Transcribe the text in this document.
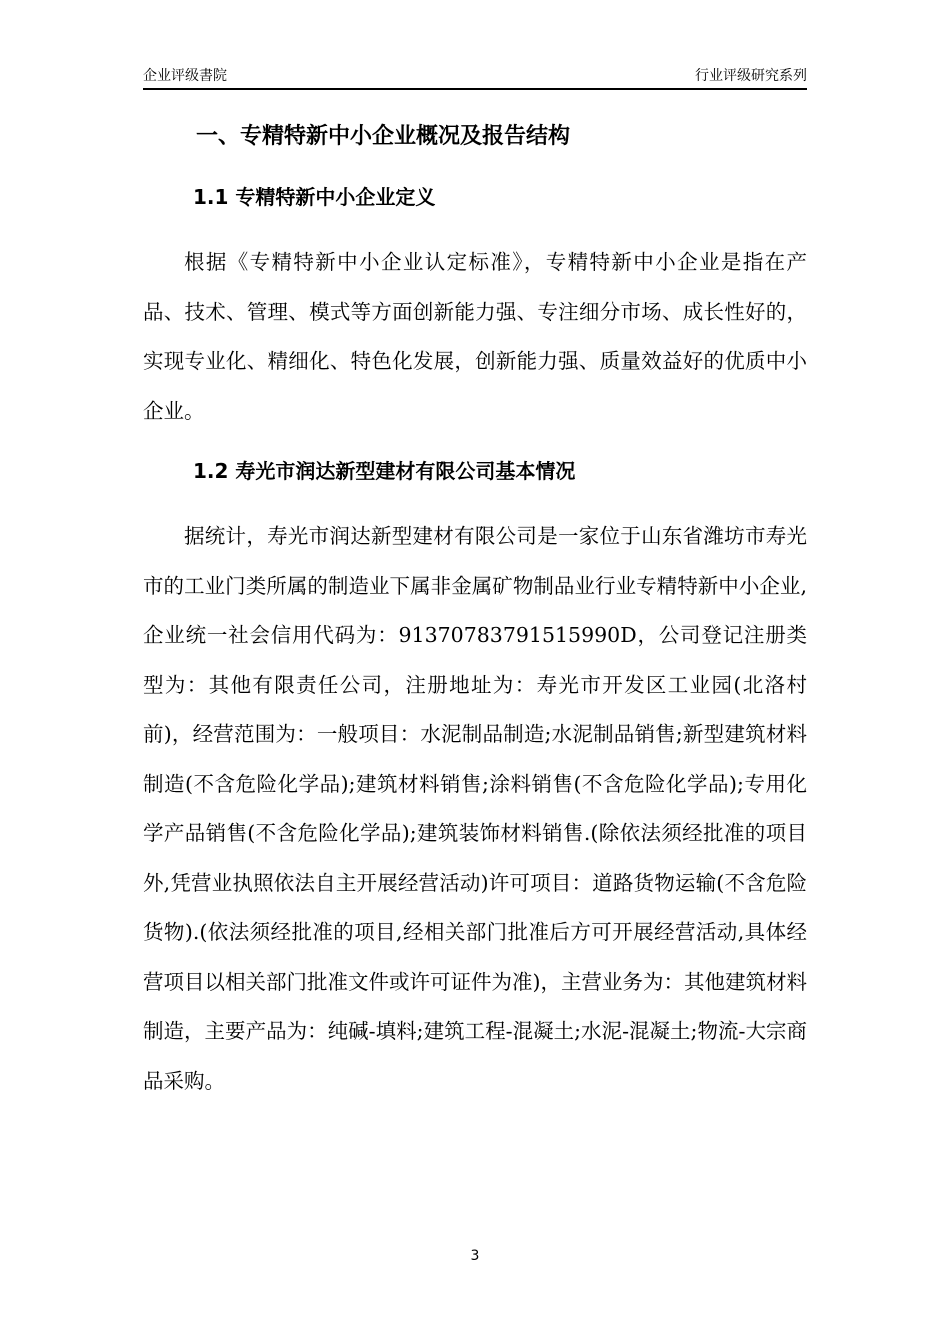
企业评级書院	行业评级研究系列
一、专精特新中小企业概况及报告结构
1.1 专精特新中小企业定义
根据《专精特新中小企业认定标准》，专精特新中小企业是指在产品、技术、管理、模式等方面创新能力强、专注细分市场、成长性好的，实现专业化、精细化、特色化发展，创新能力强、质量效益好的优质中小企业。
1.2 寿光市润达新型建材有限公司基本情况
据统计，寿光市润达新型建材有限公司是一家位于山东省潍坊市寿光市的工业门类所属的制造业下属非金属矿物制品业行业专精特新中小企业,企业统一社会信用代码为：91370783791515990D，公司登记注册类型为：其他有限责任公司，注册地址为：寿光市开发区工业园(北洛村前)，经营范围为：一般项目：水泥制品制造;水泥制品销售;新型建筑材料制造(不含危险化学品);建筑材料销售;涂料销售(不含危险化学品);专用化学产品销售(不含危险化学品);建筑装饰材料销售.(除依法须经批准的项目外,凭营业执照依法自主开展经营活动)许可项目：道路货物运输(不含危险货物).(依法须经批准的项目,经相关部门批准后方可开展经营活动,具体经营项目以相关部门批准文件或许可证件为准)，主营业务为：其他建筑材料制造，主要产品为：纯碱-填料;建筑工程-混凝土;水泥-混凝土;物流-大宗商品采购。
3
